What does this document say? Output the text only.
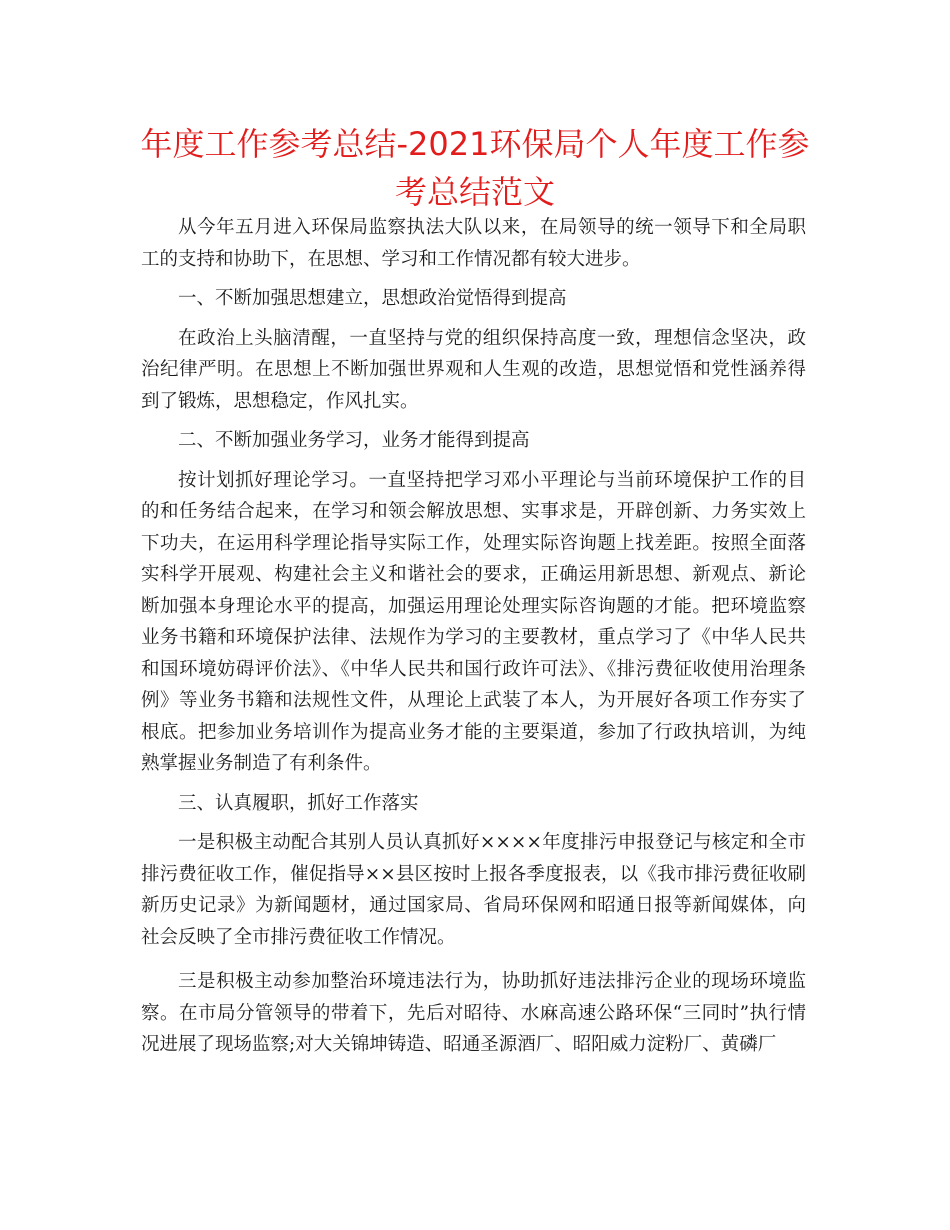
年度工作参考总结-2021环保局个人年度工作参考总结范文

从今年五月进入环保局监察执法大队以来，在局领导的统一领导下和全局职工的支持和协助下，在思想、学习和工作情况都有较大进步。

一、不断加强思想建立，思想政治觉悟得到提高

在政治上头脑清醒，一直坚持与党的组织保持高度一致，理想信念坚决，政治纪律严明。在思想上不断加强世界观和人生观的改造，思想觉悟和党性涵养得到了锻炼，思想稳定，作风扎实。

二、不断加强业务学习，业务才能得到提高

按计划抓好理论学习。一直坚持把学习邓小平理论与当前环境保护工作的目的和任务结合起来，在学习和领会解放思想、实事求是，开辟创新、力务实效上下功夫，在运用科学理论指导实际工作，处理实际咨询题上找差距。按照全面落实科学开展观、构建社会主义和谐社会的要求，正确运用新思想、新观点、新论断加强本身理论水平的提高，加强运用理论处理实际咨询题的才能。把环境监察业务书籍和环境保护法律、法规作为学习的主要教材，重点学习了《中华人民共和国环境妨碍评价法》、《中华人民共和国行政许可法》、《排污费征收使用治理条例》等业务书籍和法规性文件，从理论上武装了本人，为开展好各项工作夯实了根底。把参加业务培训作为提高业务才能的主要渠道，参加了行政执培训，为纯熟掌握业务制造了有利条件。

三、认真履职，抓好工作落实

一是积极主动配合其别人员认真抓好××××年度排污申报登记与核定和全市排污费征收工作，催促指导××县区按时上报各季度报表，以《我市排污费征收刷新历史记录》为新闻题材，通过国家局、省局环保网和昭通日报等新闻媒体，向社会反映了全市排污费征收工作情况。

三是积极主动参加整治环境违法行为，协助抓好违法排污企业的现场环境监察。在市局分管领导的带着下，先后对昭待、水麻高速公路环保“三同时”执行情况进展了现场监察;对大关锦坤铸造、昭通圣源酒厂、昭阳威力淀粉厂、黄磷厂
